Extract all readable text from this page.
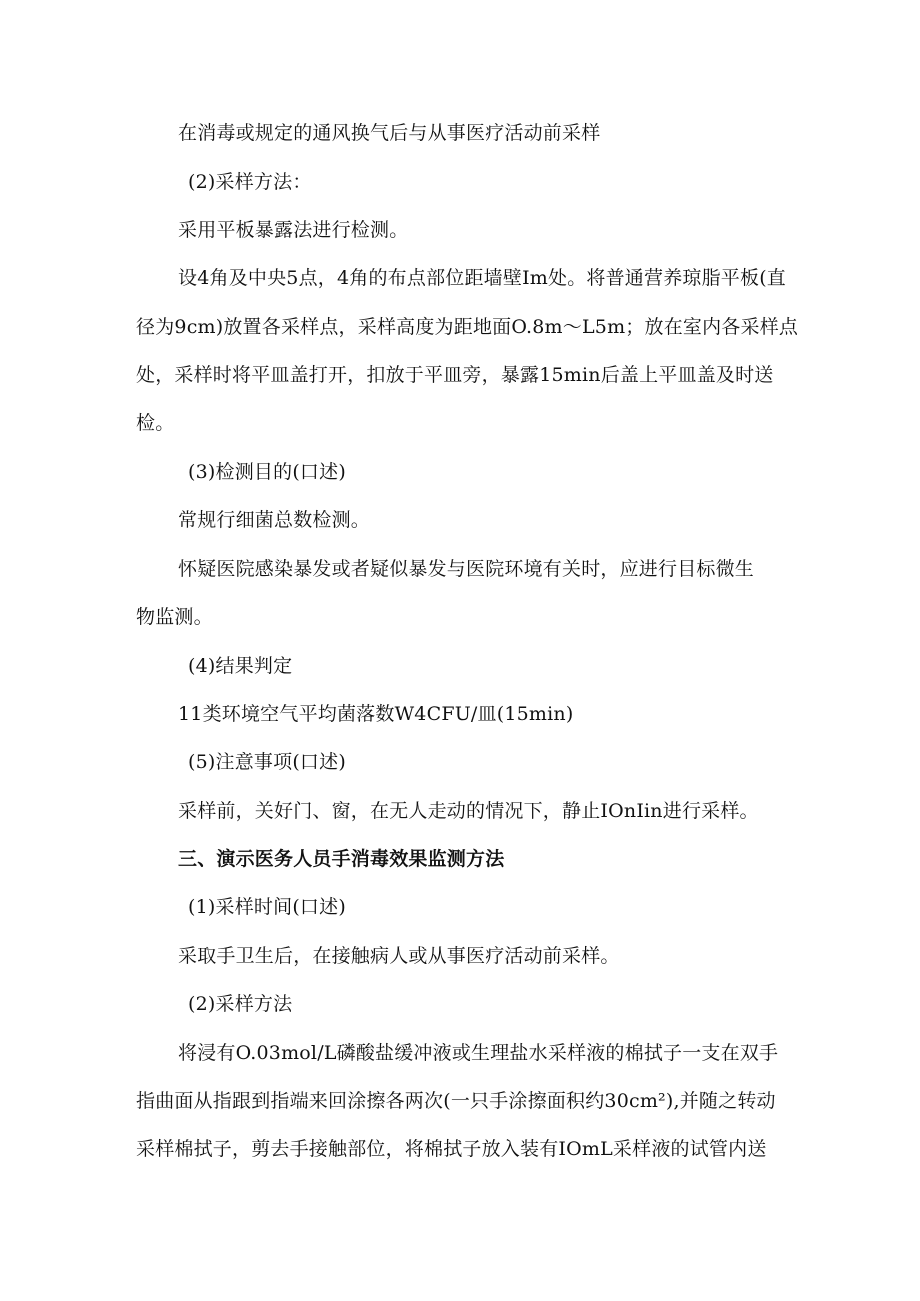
在消毒或规定的通风换气后与从事医疗活动前采样
(2)采样方法：
采用平板暴露法进行检测。
设4角及中央5点，4角的布点部位距墙壁Im处。将普通营养琼脂平板(直
径为9cm)放置各采样点，采样高度为距地面O.8m〜L5m；放在室内各采样点
处，采样时将平皿盖打开，扣放于平皿旁，暴露15min后盖上平皿盖及时送
检。
(3)检测目的(口述)
常规行细菌总数检测。
怀疑医院感染暴发或者疑似暴发与医院环境有关时，应进行目标微生
物监测。
(4)结果判定
11类环境空气平均菌落数W4CFU/皿(15min)
(5)注意事项(口述)
采样前，关好门、窗，在无人走动的情况下，静止IOnIin进行采样。
三、演示医务人员手消毒效果监测方法
(1)采样时间(口述)
采取手卫生后，在接触病人或从事医疗活动前采样。
(2)采样方法
将浸有O.03mol∕L磷酸盐缓冲液或生理盐水采样液的棉拭子一支在双手
指曲面从指跟到指端来回涂擦各两次(一只手涂擦面积约30cm²),并随之转动
采样棉拭子，剪去手接触部位，将棉拭子放入装有IOmL采样液的试管内送
